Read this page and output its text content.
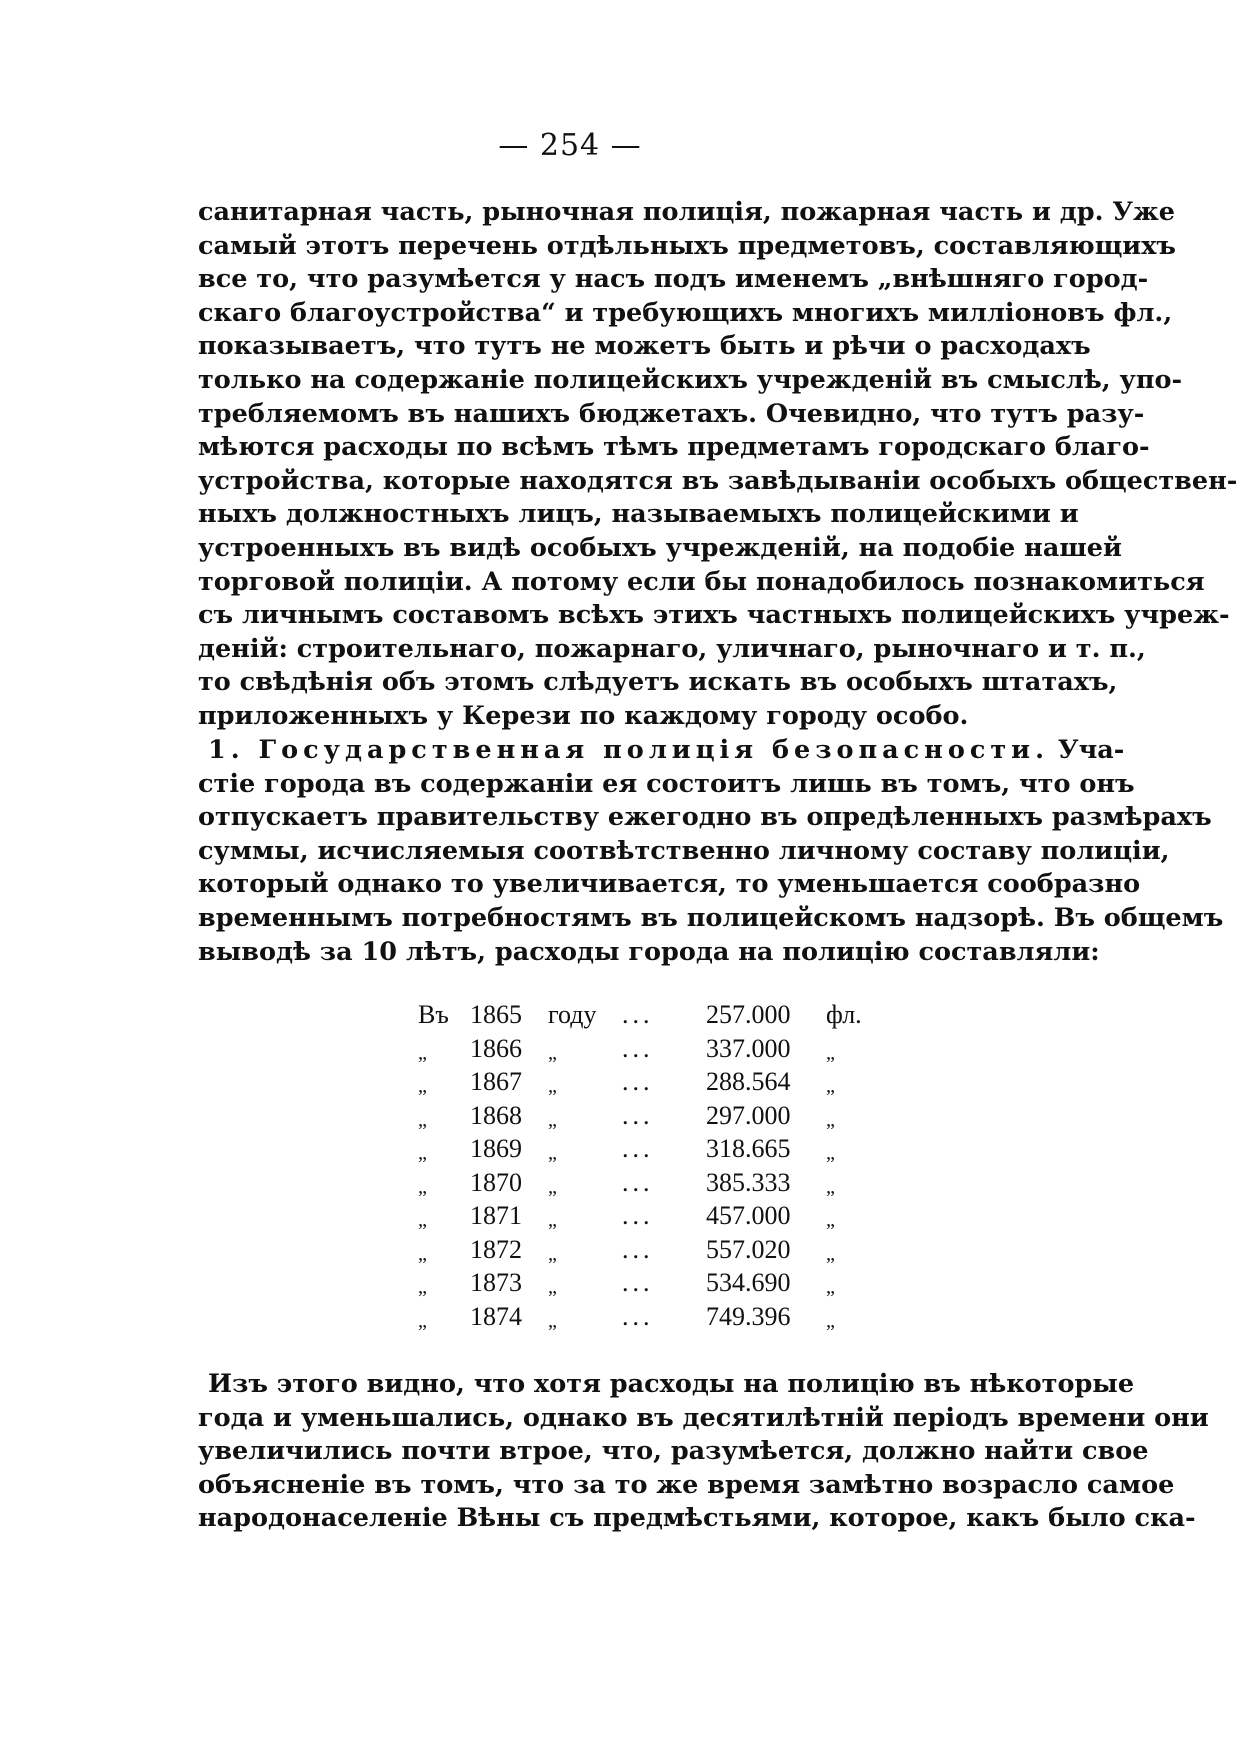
— 254 —
санитарная часть, рыночная полиція, пожарная часть и др. Уже
самый этотъ перечень отдѣльныхъ предметовъ, составляющихъ
все то, что разумѣется у насъ подъ именемъ „внѣшняго город-
скаго благоустройства“ и требующихъ многихъ милліоновъ фл.,
показываетъ, что тутъ не можетъ быть и рѣчи о расходахъ
только на содержаніе полицейскихъ учрежденій въ смыслѣ, упо-
требляемомъ въ нашихъ бюджетахъ. Очевидно, что тутъ разу-
мѣются расходы по всѣмъ тѣмъ предметамъ городскаго благо-
устройства, которые находятся въ завѣдываніи особыхъ обществен-
ныхъ должностныхъ лицъ, называемыхъ полицейскими и
устроенныхъ въ видѣ особыхъ учрежденій, на подобіе нашей
торговой полиціи. А потому если бы понадобилось познакомиться
съ личнымъ составомъ всѣхъ этихъ частныхъ полицейскихъ учреж-
деній: строительнаго, пожарнаго, уличнаго, рыночнаго и т. п.,
то свѣдѣнія объ этомъ слѣдуетъ искать въ особыхъ штатахъ,
приложенныхъ у Керези по каждому городу особо.
1. Государственная полиція безопасности. Уча-
стіе города въ содержаніи ея состоитъ лишь въ томъ, что онъ
отпускаетъ правительству ежегодно въ опредѣленныхъ размѣрахъ
суммы, исчисляемыя соотвѣтственно личному составу полиціи,
который однако то увеличивается, то уменьшается сообразно
временнымъ потребностямъ въ полицейскомъ надзорѣ. Въ общемъ
выводѣ за 10 лѣтъ, расходы города на полицію составляли:
Въ 1865 году ... 257.000 фл.
„ 1866 „	... 337.000 „
„ 1867 „	... 288.564 „
„ 1868 „	... 297.000 „
„ 1869 „	... 318.665 „
„ 1870 „	... 385.333 „
„ 1871 „	... 457.000 „
„ 1872 „	... 557.020 „
„ 1873 „	... 534.690 „
„ 1874 „	... 749.396 „
Изъ этого видно, что хотя расходы на полицію въ нѣкоторые
года и уменьшались, однако въ десятилѣтній періодъ времени они
увеличились почти втрое, что, разумѣется, должно найти свое
объясненіе въ томъ, что за то же время замѣтно возрасло самое
народонаселеніе Вѣны съ предмѣстьями, которое, какъ было ска-
